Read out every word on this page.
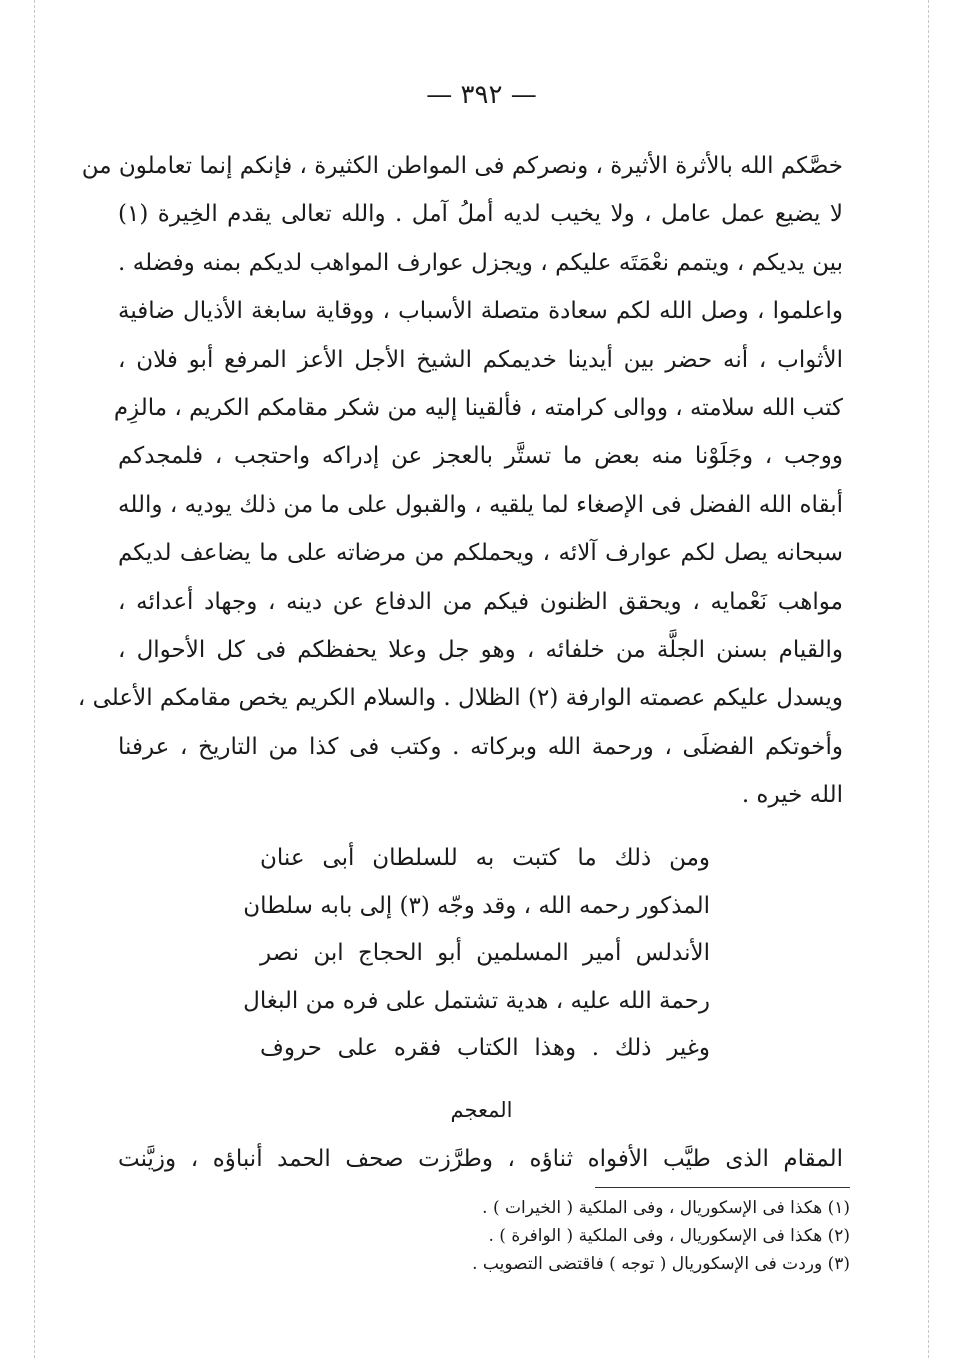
— ٣٩٢ —
خصَّكم الله بالأثرة الأثيرة ، ونصركم فى المواطن الكثيرة ، فإنكم إنما تعاملون من
لا يضيع عمل عامل ، ولا يخيب لديه أملُ آمل . والله تعالى يقدم الخِيرة (١)
بين يديكم ، ويتمم نعْمَتَه عليكم ، ويجزل عوارف المواهب لديكم بمنه وفضله .
واعلموا ، وصل الله لكم سعادة متصلة الأسباب ، ووقاية سابغة الأذيال ضافية
الأثواب ، أنه حضر بين أيدينا خديمكم الشيخ الأجل الأعز المرفع أبو فلان ،
كتب الله سلامته ، ووالى كرامته ، فألقينا إليه من شكر مقامكم الكريم ، مالزِم
ووجب ، وجَلَوْنا منه بعض ما تستَّر بالعجز عن إدراكه واحتجب ، فلمجدكم
أبقاه الله الفضل فى الإصغاء لما يلقيه ، والقبول على ما من ذلك يوديه ، والله
سبحانه يصل لكم عوارف آلائه ، ويحملكم من مرضاته على ما يضاعف لديكم
مواهب نَعْمايه ، ويحقق الظنون فيكم من الدفاع عن دينه ، وجهاد أعدائه ،
والقيام بسنن الجلَّة من خلفائه ، وهو جل وعلا يحفظكم فى كل الأحوال ،
ويسدل عليكم عصمته الوارفة (٢) الظلال . والسلام الكريم يخص مقامكم الأعلى ،
وأخوتكم الفضلَى ، ورحمة الله وبركاته . وكتب فى كذا من التاريخ ، عرفنا
الله خيره .
ومن ذلك ما كتبت به للسلطان أبى عنان
المذكور رحمه الله ، وقد وجّه (٣) إلى بابه سلطان
الأندلس أمير المسلمين أبو الحجاج ابن نصر
رحمة الله عليه ، هدية تشتمل على فره من البغال
وغير ذلك . وهذا الكتاب فقره على حروف
المعجم
المقام الذى طيَّب الأفواه ثناؤه ، وطرَّزت صحف الحمد أنباؤه ، وزيَّنت
(١) هكذا فى الإسكوريال ، وفى الملكية ( الخيرات ) .
(٢) هكذا فى الإسكوريال ، وفى الملكية ( الوافرة ) .
(٣) وردت فى الإسكوريال ( توجه ) فاقتضى التصويب .
